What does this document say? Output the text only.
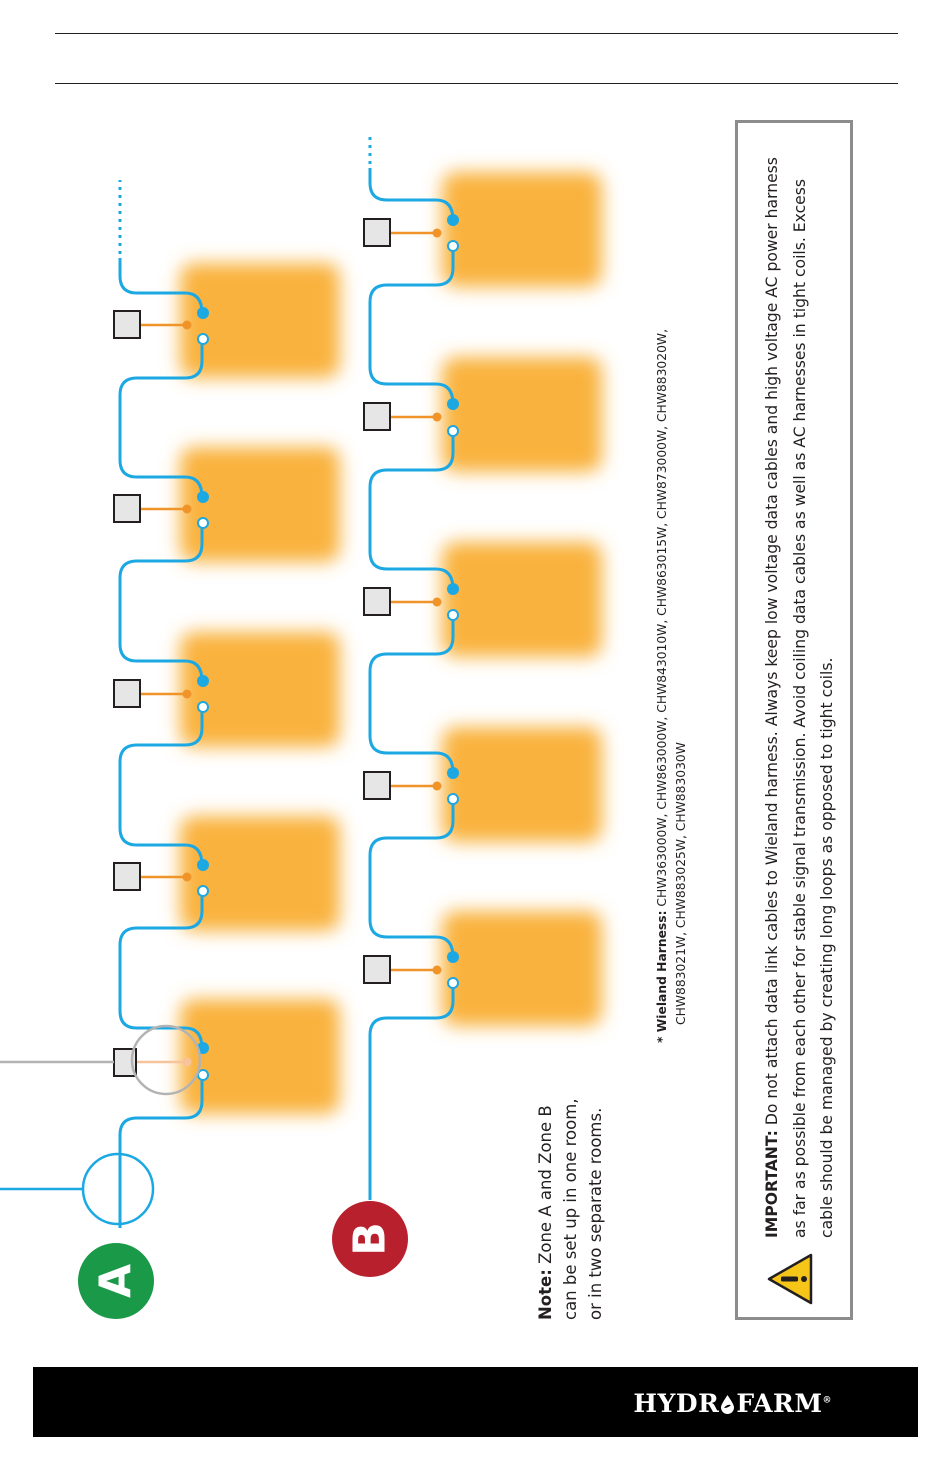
A
B
Note: Zone A and Zone B can be set up in one room, or in two separate rooms.
* Wieland Harness: CHW363000W, CHW863000W, CHW843010W, CHW863015W, CHW873000W, CHW883020W, CHW883021W, CHW883025W, CHW883030W
IMPORTANT: Do not attach data link cables to Wieland harness. Always keep low voltage data cables and high voltage AC power harness as far as possible from each other for stable signal transmission. Avoid coiling data cables as well as AC harnesses in tight coils. Excess cable should be managed by creating long loops as opposed to tight coils.
HYDR FARM®
